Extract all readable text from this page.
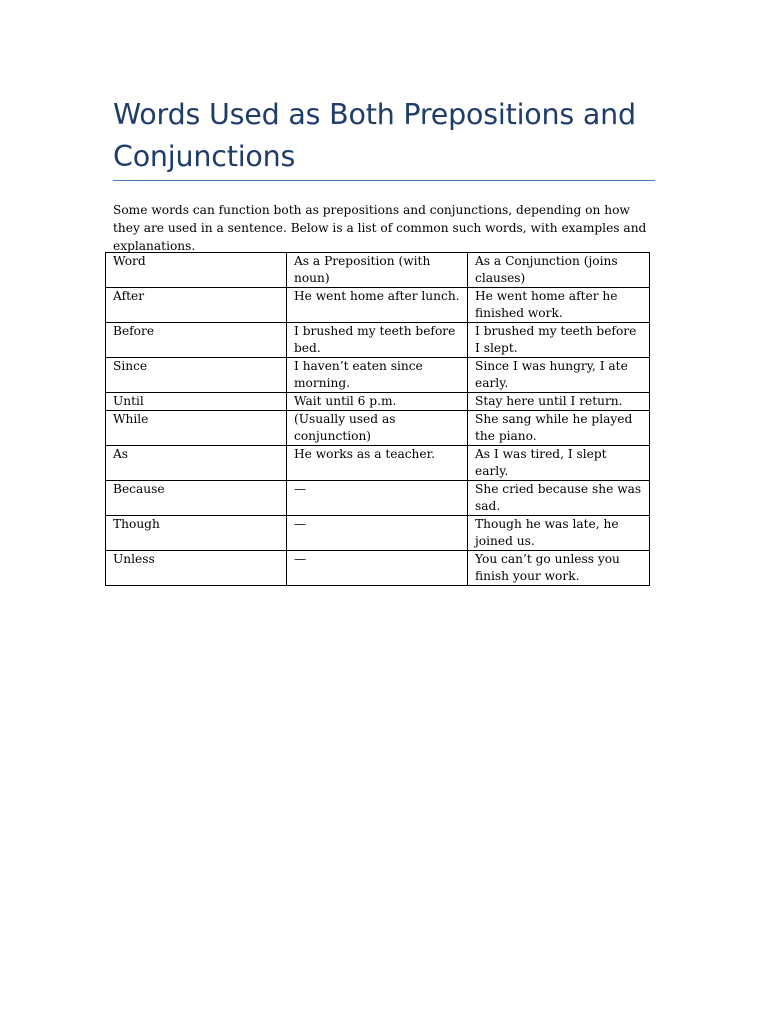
Words Used as Both Prepositions and Conjunctions

Some words can function both as prepositions and conjunctions, depending on how they are used in a sentence. Below is a list of common such words, with examples and explanations.

Word	As a Preposition (with noun)	As a Conjunction (joins clauses)
After	He went home after lunch.	He went home after he finished work.
Before	I brushed my teeth before bed.	I brushed my teeth before I slept.
Since	I haven’t eaten since morning.	Since I was hungry, I ate early.
Until	Wait until 6 p.m.	Stay here until I return.
While	(Usually used as conjunction)	She sang while he played the piano.
As	He works as a teacher.	As I was tired, I slept early.
Because	—	She cried because she was sad.
Though	—	Though he was late, he joined us.
Unless	—	You can’t go unless you finish your work.
